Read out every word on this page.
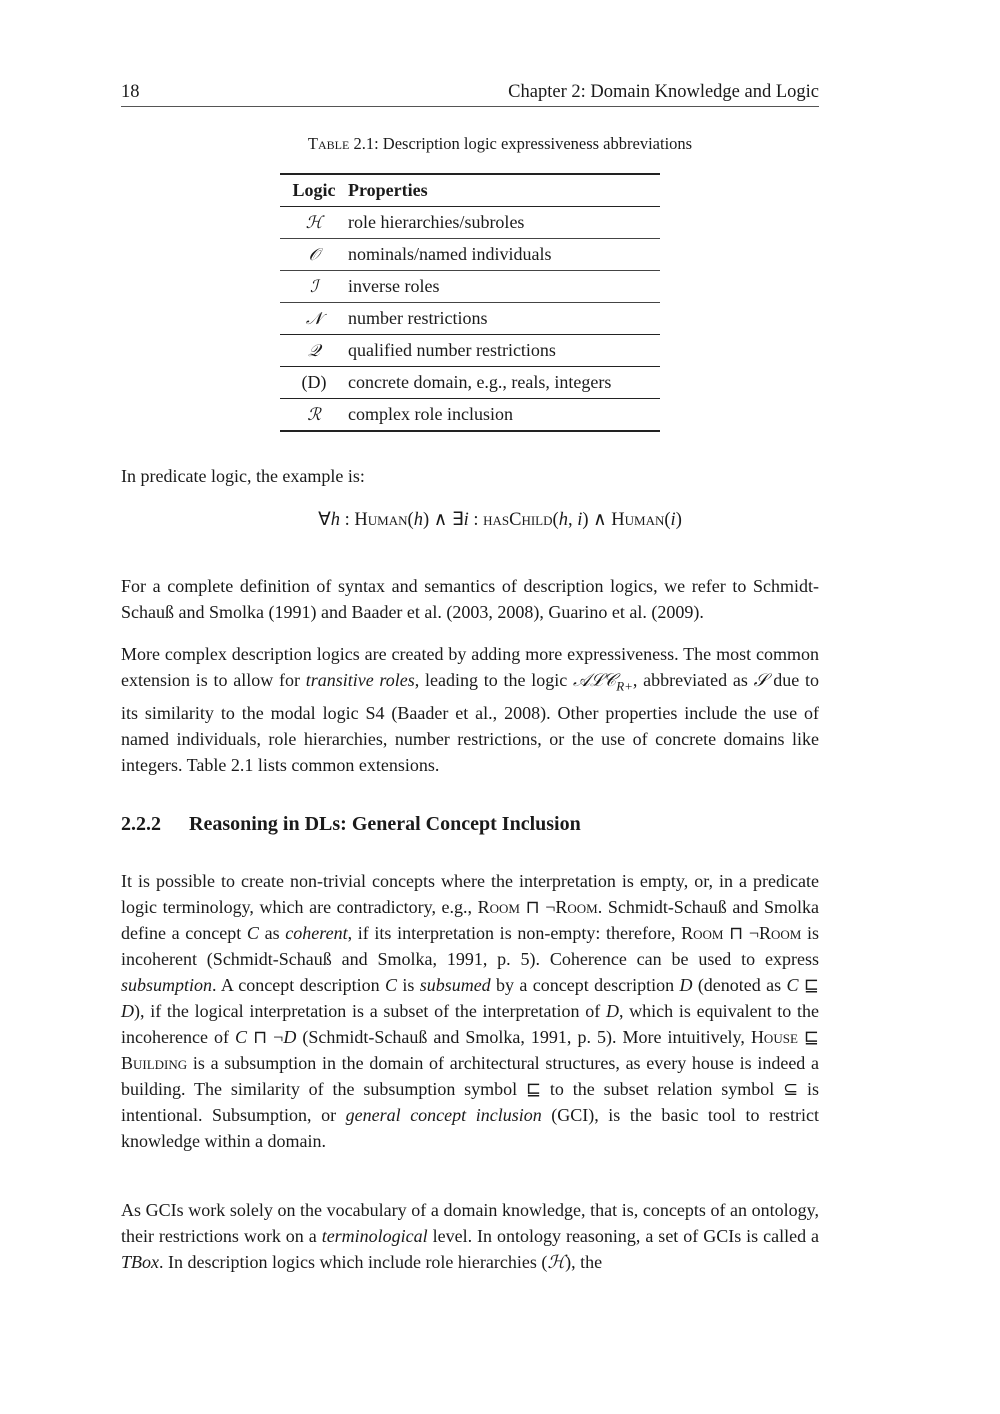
18	Chapter 2: Domain Knowledge and Logic
Table 2.1: Description logic expressiveness abbreviations
Logic	Properties
ℋ	role hierarchies/subroles
𝒪	nominals/named individuals
ℐ	inverse roles
𝒩	number restrictions
𝒬	qualified number restrictions
(D)	concrete domain, e.g., reals, integers
ℛ	complex role inclusion
In predicate logic, the example is:
∀h : Human(h) ∧ ∃i : hasChild(h, i) ∧ Human(i)
For a complete definition of syntax and semantics of description logics, we refer to Schmidt-Schauß and Smolka (1991) and Baader et al. (2003, 2008), Guarino et al. (2009).
More complex description logics are created by adding more expressiveness. The most common extension is to allow for transitive roles, leading to the logic 𝒜ℒ𝒞$_{R+}$, abbreviated as 𝒮 due to its similarity to the modal logic S4 (Baader et al., 2008). Other properties include the use of named individuals, role hierarchies, number restrictions, or the use of concrete domains like integers. Table 2.1 lists common extensions.
2.2.2 Reasoning in DLs: General Concept Inclusion
It is possible to create non-trivial concepts where the interpretation is empty, or, in a predicate logic terminology, which are contradictory, e.g., Room ⊓ ¬Room. Schmidt-Schauß and Smolka define a concept C as coherent, if its interpretation is non-empty: therefore, Room ⊓ ¬Room is incoherent (Schmidt-Schauß and Smolka, 1991, p. 5). Coherence can be used to express subsumption. A concept description C is subsumed by a concept description D (denoted as C ⊑ D), if the logical interpretation is a subset of the interpretation of D, which is equivalent to the incoherence of C ⊓ ¬D (Schmidt-Schauß and Smolka, 1991, p. 5). More intuitively, House ⊑ Building is a subsumption in the domain of architectural structures, as every house is indeed a building. The similarity of the subsumption symbol ⊑ to the subset relation symbol ⊆ is intentional. Subsumption, or general concept inclusion (GCI), is the basic tool to restrict knowledge within a domain.
As GCIs work solely on the vocabulary of a domain knowledge, that is, concepts of an ontology, their restrictions work on a terminological level. In ontology reasoning, a set of GCIs is called a TBox. In description logics which include role hierarchies (ℋ), the
